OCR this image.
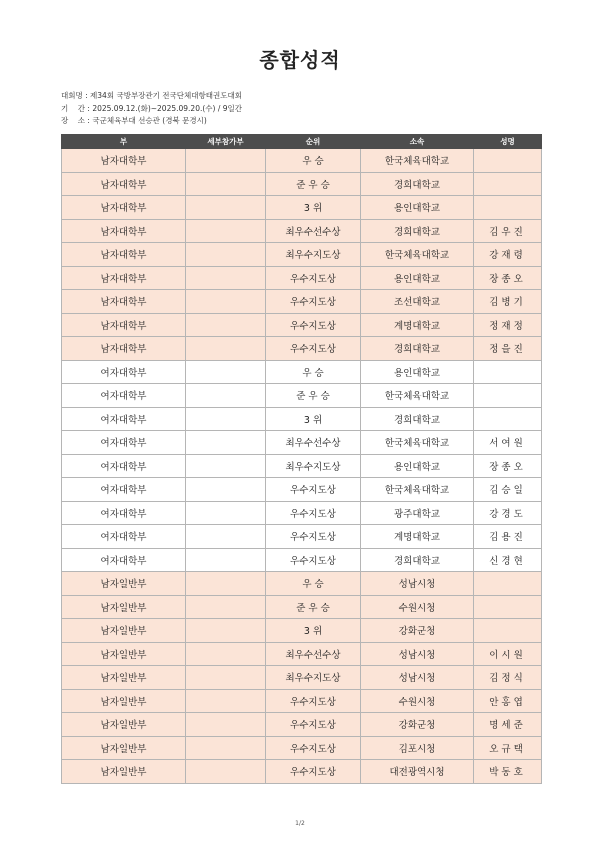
종합성적
대회명 : 제34회 국방부장관기 전국단체대항태권도대회
기    간 : 2025.09.12.(화)~2025.09.20.(수) / 9일간
장    소 : 국군체육부대 선승관 (경북 문경시)
부	세부참가부	순위	소속	성명
남자대학부		우 승	한국체육대학교	
남자대학부		준 우 승	경희대학교	
남자대학부		3 위	용인대학교	
남자대학부		최우수선수상	경희대학교	김우진
남자대학부		최우수지도상	한국체육대학교	강재령
남자대학부		우수지도상	용인대학교	장종오
남자대학부		우수지도상	조선대학교	김병기
남자대학부		우수지도상	계명대학교	정재정
남자대학부		우수지도상	경희대학교	정을진
여자대학부		우 승	용인대학교	
여자대학부		준 우 승	한국체육대학교	
여자대학부		3 위	경희대학교	
여자대학부		최우수선수상	한국체육대학교	서여원
여자대학부		최우수지도상	용인대학교	장종오
여자대학부		우수지도상	한국체육대학교	김승일
여자대학부		우수지도상	광주대학교	강경도
여자대학부		우수지도상	계명대학교	김용진
여자대학부		우수지도상	경희대학교	신경현
남자일반부		우 승	성남시청	
남자일반부		준 우 승	수원시청	
남자일반부		3 위	강화군청	
남자일반부		최우수선수상	성남시청	이시원
남자일반부		최우수지도상	성남시청	김정식
남자일반부		우수지도상	수원시청	안홍엽
남자일반부		우수지도상	강화군청	명세준
남자일반부		우수지도상	김포시청	오규택
남자일반부		우수지도상	대전광역시청	박동호
1/2
